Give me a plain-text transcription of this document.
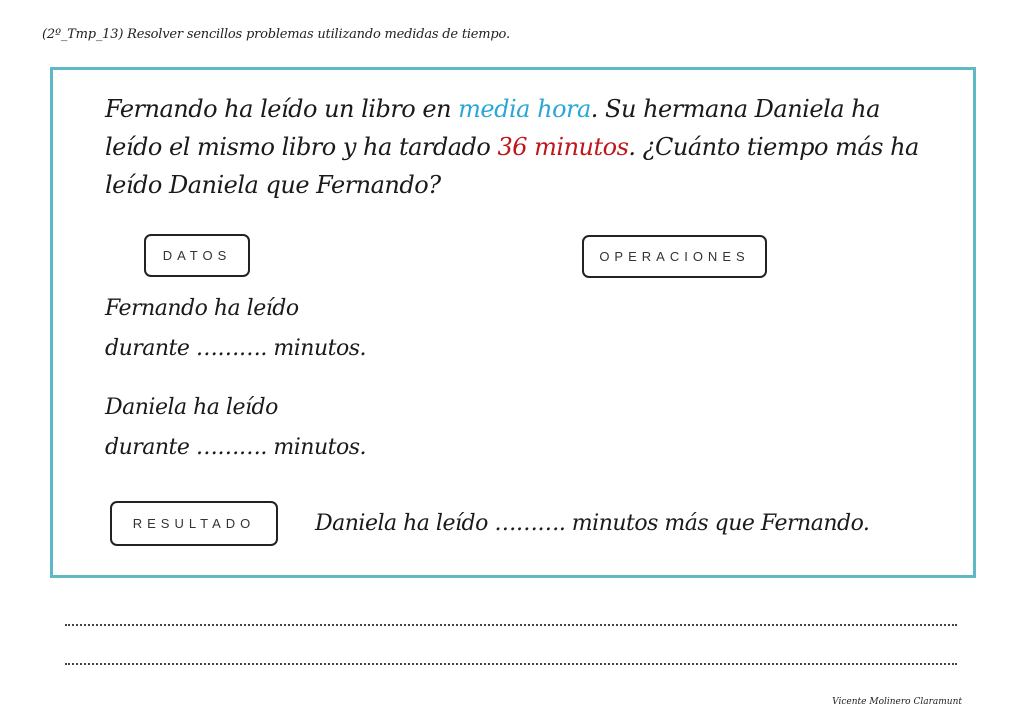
(2º_Tmp_13) Resolver sencillos problemas utilizando medidas de tiempo.
Fernando ha leído un libro en media hora. Su hermana Daniela ha leído el mismo libro y ha tardado 36 minutos. ¿Cuánto tiempo más ha leído Daniela que Fernando?
DATOS	OPERACIONES
Fernando ha leído
durante ………. minutos.
Daniela ha leído
durante ………. minutos.
RESULTADO	Daniela ha leído ………. minutos más que Fernando.
Vicente Molinero Claramunt
